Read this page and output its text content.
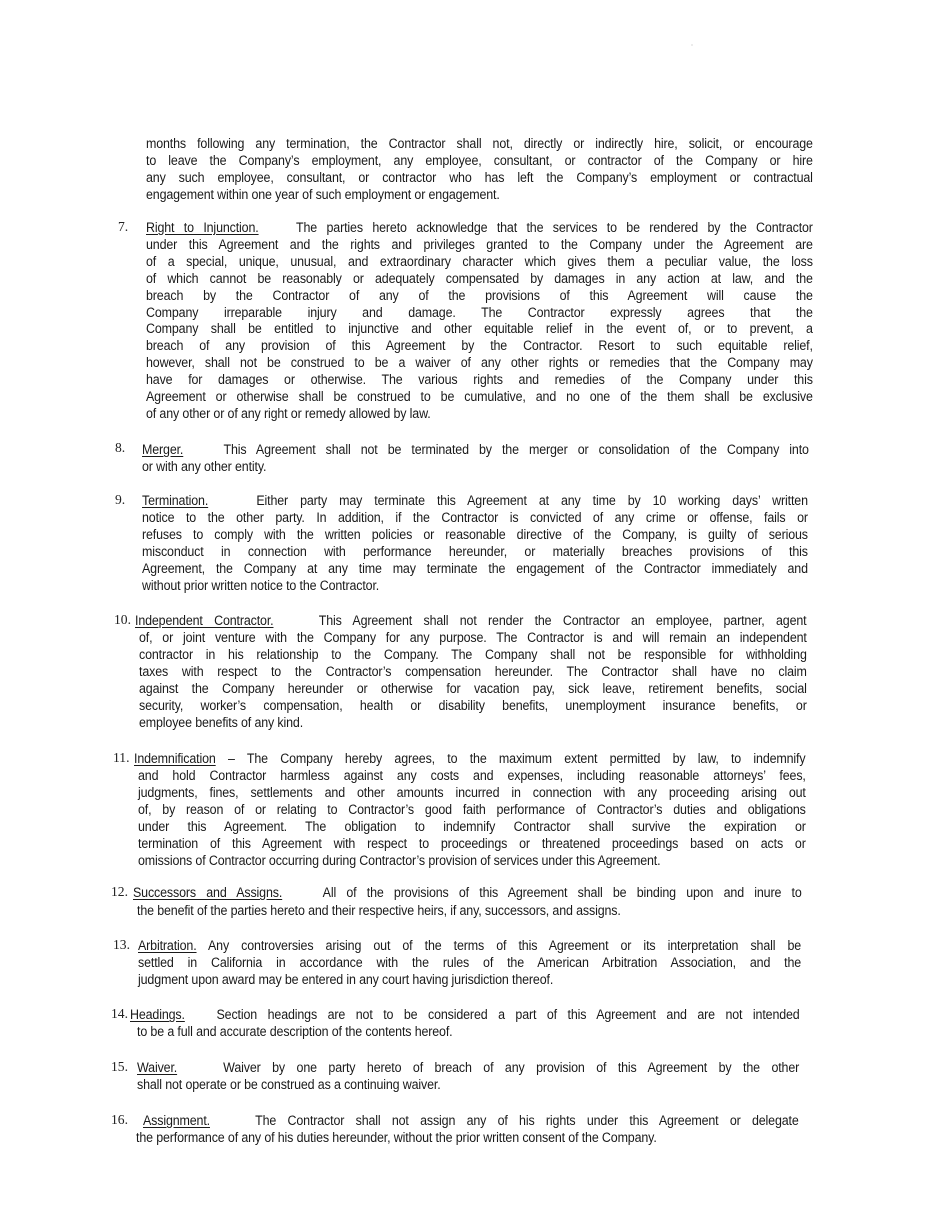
months following any termination, the Contractor shall not, directly or indirectly hire, solicit, or encourage
to leave the Company’s employment, any employee, consultant, or contractor of the Company or hire
any such employee, consultant, or contractor who has left the Company’s employment or contractual
engagement within one year of such employment or engagement.
7. Right to Injunction.	The parties hereto acknowledge that the services to be rendered by the Contractor
under this Agreement and the rights and privileges granted to the Company under the Agreement are
of a special, unique, unusual, and extraordinary character which gives them a peculiar value, the loss
of which cannot be reasonably or adequately compensated by damages in any action at law, and the
breach by the Contractor of any of the provisions of this Agreement will cause the
Company irreparable injury and damage. The Contractor expressly agrees that the
Company shall be entitled to injunctive and other equitable relief in the event of, or to prevent, a
breach of any provision of this Agreement by the Contractor. Resort to such equitable relief,
however, shall not be construed to be a waiver of any other rights or remedies that the Company may
have for damages or otherwise. The various rights and remedies of the Company under this
Agreement or otherwise shall be construed to be cumulative, and no one of the them shall be exclusive
of any other or of any right or remedy allowed by law.
8. Merger.	This Agreement shall not be terminated by the merger or consolidation of the Company into
or with any other entity.
9. Termination.	Either party may terminate this Agreement at any time by 10 working days’ written
notice to the other party. In addition, if the Contractor is convicted of any crime or offense, fails or
refuses to comply with the written policies or reasonable directive of the Company, is guilty of serious
misconduct in connection with performance hereunder, or materially breaches provisions of this
Agreement, the Company at any time may terminate the engagement of the Contractor immediately and
without prior written notice to the Contractor.
10. Independent Contractor.	This Agreement shall not render the Contractor an employee, partner, agent
of, or joint venture with the Company for any purpose. The Contractor is and will remain an independent
contractor in his relationship to the Company. The Company shall not be responsible for withholding
taxes with respect to the Contractor’s compensation hereunder. The Contractor shall have no claim
against the Company hereunder or otherwise for vacation pay, sick leave, retirement benefits, social
security, worker’s compensation, health or disability benefits, unemployment insurance benefits, or
employee benefits of any kind.
11. Indemnification – The Company hereby agrees, to the maximum extent permitted by law, to indemnify
and hold Contractor harmless against any costs and expenses, including reasonable attorneys’ fees,
judgments, fines, settlements and other amounts incurred in connection with any proceeding arising out
of, by reason of or relating to Contractor’s good faith performance of Contractor’s duties and obligations
under this Agreement. The obligation to indemnify Contractor shall survive the expiration or
termination of this Agreement with respect to proceedings or threatened proceedings based on acts or
omissions of Contractor occurring during Contractor’s provision of services under this Agreement.
12. Successors and Assigns.	All of the provisions of this Agreement shall be binding upon and inure to
the benefit of the parties hereto and their respective heirs, if any, successors, and assigns.
13. Arbitration. Any controversies arising out of the terms of this Agreement or its interpretation shall be
settled in California in accordance with the rules of the American Arbitration Association, and the
judgment upon award may be entered in any court having jurisdiction thereof.
14. Headings. Section headings are not to be considered a part of this Agreement and are not intended
to be a full and accurate description of the contents hereof.
15. Waiver.	Waiver by one party hereto of breach of any provision of this Agreement by the other
shall not operate or be construed as a continuing waiver.
16. Assignment.	The Contractor shall not assign any of his rights under this Agreement or delegate
the performance of any of his duties hereunder, without the prior written consent of the Company.
